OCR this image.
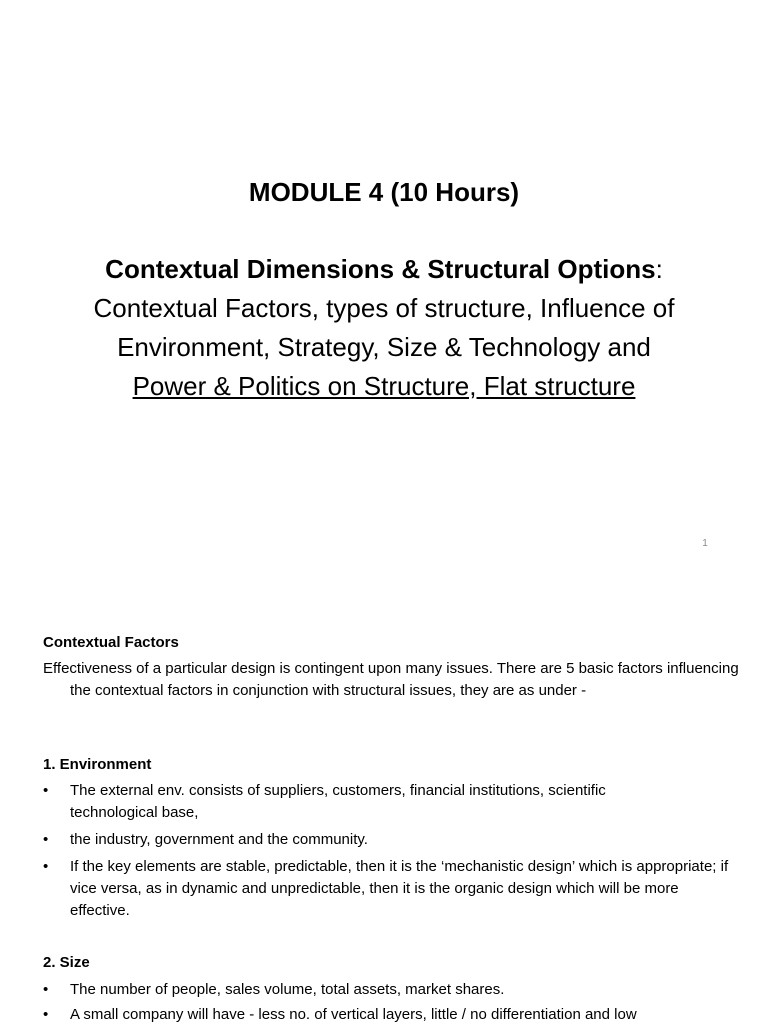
MODULE 4 (10 Hours)
Contextual Dimensions & Structural Options:
Contextual Factors, types of structure, Influence of Environment, Strategy, Size & Technology and
Power & Politics on Structure, Flat structure
1
Contextual Factors
Effectiveness of a particular design is contingent upon many issues. There are 5 basic factors influencing the contextual factors in conjunction with structural issues, they are as under -
1. Environment
•	The external env. consists of suppliers, customers, financial institutions, scientific technological base,
•	the industry, government and the community.
•	If the key elements are stable, predictable, then it is the ‘mechanistic design’ which is appropriate; if vice versa, as in dynamic and unpredictable, then it is the organic design which will be more effective.
2. Size
•	The number of people, sales volume, total assets, market shares.
•	A small company will have - less no. of vertical layers, little / no differentiation and low
